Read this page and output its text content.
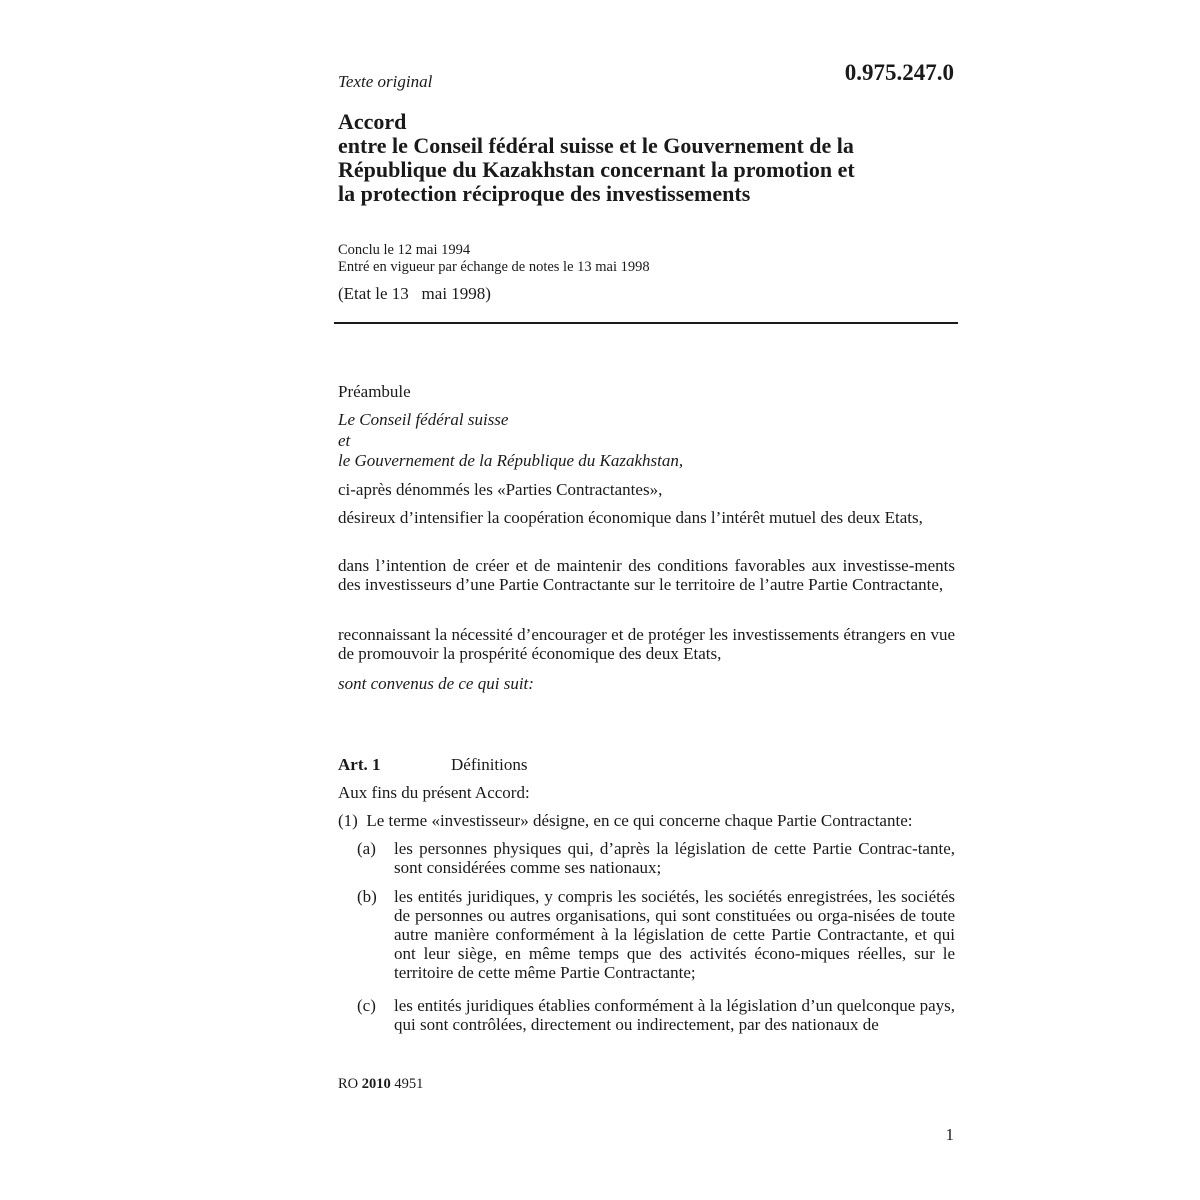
Texte original	0.975.247.0
Accord
entre le Conseil fédéral suisse et le Gouvernement de la
République du Kazakhstan concernant la promotion et
la protection réciproque des investissements
Conclu le 12 mai 1994
Entré en vigueur par échange de notes le 13 mai 1998
(Etat le 13   mai 1998)
Préambule
Le Conseil fédéral suisse
et
le Gouvernement de la République du Kazakhstan,
ci-après dénommés les «Parties Contractantes»,
désireux d’intensifier la coopération économique dans l’intérêt mutuel des deux Etats,
dans l’intention de créer et de maintenir des conditions favorables aux investisse-ments des investisseurs d’une Partie Contractante sur le territoire de l’autre Partie Contractante,
reconnaissant la nécessité d’encourager et de protéger les investissements étrangers en vue de promouvoir la prospérité économique des deux Etats,
sont convenus de ce qui suit:
Art. 1	Définitions
Aux fins du présent Accord:
(1)  Le terme «investisseur» désigne, en ce qui concerne chaque Partie Contractante:
(a)	les personnes physiques qui, d’après la législation de cette Partie Contrac-tante, sont considérées comme ses nationaux;
(b)	les entités juridiques, y compris les sociétés, les sociétés enregistrées, les sociétés de personnes ou autres organisations, qui sont constituées ou orga-nisées de toute autre manière conformément à la législation de cette Partie Contractante, et qui ont leur siège, en même temps que des activités écono-miques réelles, sur le territoire de cette même Partie Contractante;
(c)	les entités juridiques établies conformément à la législation d’un quelconque pays, qui sont contrôlées, directement ou indirectement, par des nationaux de
RO 2010 4951
1
